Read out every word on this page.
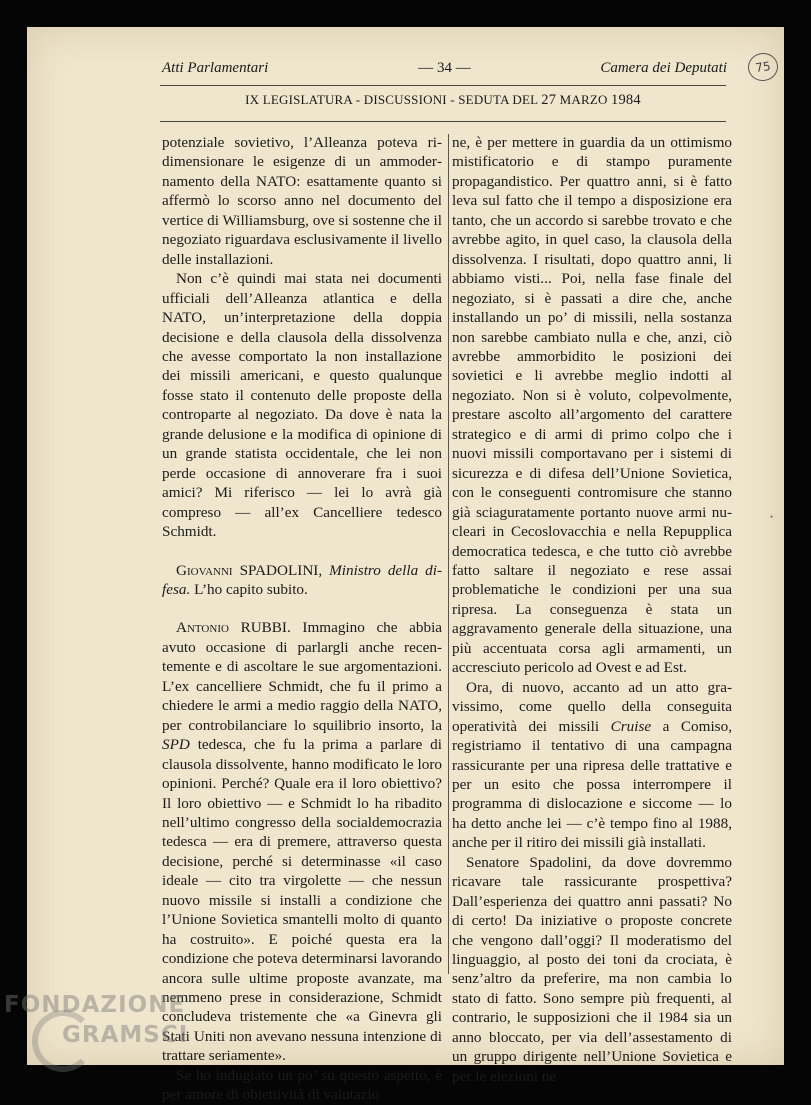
Atti Parlamentari	— 34 —	Camera dei Deputati	75
IX LEGISLATURA - DISCUSSIONI - SEDUTA DEL 27 MARZO 1984

potenziale sovietivo, l’Alleanza poteva ridimensionare le esigenze di un ammodernamento della NATO: esattamente quanto si affermò lo scorso anno nel documento del vertice di Williamsburg, ove si sostenne che il negoziato riguardava esclusivamente il livello delle installazioni.

Non c’è quindi mai stata nei documenti ufficiali dell’Alleanza atlantica e della NATO, un’interpretazione della doppia decisione e della clausola della dissolvenza che avesse comportato la non installazione dei missili americani, e questo qualunque fosse stato il contenuto delle proposte della controparte al negoziato. Da dove è nata la grande delusione e la modifica di opinione di un grande statista occidentale, che lei non perde occasione di annoverare fra i suoi amici? Mi riferisco — lei lo avrà già compreso — all’ex Cancelliere tedesco Schmidt.

Giovanni SPADOLINI, Ministro della difesa. L’ho capito subito.

Antonio RUBBI. Immagino che abbia avuto occasione di parlargli anche recentemente e di ascoltare le sue argomentazioni. L’ex cancelliere Schmidt, che fu il primo a chiedere le armi a medio raggio della NATO, per controbilanciare lo squilibrio insorto, la SPD tedesca, che fu la prima a parlare di clausola dissolvente, hanno modificato le loro opinioni. Perché? Quale era il loro obiettivo? Il loro obiettivo — e Schmidt lo ha ribadito nell’ultimo congresso della socialdemocrazia tedesca — era di premere, attraverso questa decisione, perché si determinasse «il caso ideale — cito tra virgolette — che nessun nuovo missile si installi a condizione che l’Unione Sovietica smantelli molto di quanto ha costruito». E poiché questa era la condizione che poteva determinarsi lavorando ancora sulle ultime proposte avanzate, ma nemmeno prese in considerazione, Schmidt concludeva tristemente che «a Ginevra gli Stati Uniti non avevano nessuna intenzione di trattare seriamente».

Se ho indugiato un po’ su questo aspetto, è per amore di obiettività di valutazio

ne, è per mettere in guardia da un ottimismo mistificatorio e di stampo puramente propagandistico. Per quattro anni, si è fatto leva sul fatto che il tempo a disposizione era tanto, che un accordo si sarebbe trovato e che avrebbe agito, in quel caso, la clausola della dissolvenza. I risultati, dopo quattro anni, li abbiamo visti... Poi, nella fase finale del negoziato, si è passati a dire che, anche installando un po’ di missili, nella sostanza non sarebbe cambiato nulla e che, anzi, ciò avrebbe ammorbidito le posizioni dei sovietici e li avrebbe meglio indotti al negoziato. Non si è voluto, colpevolmente, prestare ascolto all’argomento del carattere strategico e di armi di primo colpo che i nuovi missili comportavano per i sistemi di sicurezza e di difesa dell’Unione Sovietica, con le conseguenti contromisure che stanno già sciaguratamente portanto nuove armi nucleari in Cecoslovacchia e nella Repupplica democratica tedesca, e che tutto ciò avrebbe fatto saltare il negoziato e rese assai problematiche le condizioni per una sua ripresa. La conseguenza è stata un aggravamento generale della situazione, una più accentuata corsa agli armamenti, un accresciuto pericolo ad Ovest e ad Est.

Ora, di nuovo, accanto ad un atto gravissimo, come quello della conseguita operatività dei missili Cruise a Comiso, registriamo il tentativo di una campagna rassicurante per una ripresa delle trattative e per un esito che possa interrompere il programma di dislocazione e siccome — lo ha detto anche lei — c’è tempo fino al 1988, anche per il ritiro dei missili già installati.

Senatore Spadolini, da dove dovremmo ricavare tale rassicurante prospettiva? Dall’esperienza dei quattro anni passati? No di certo! Da iniziative o proposte concrete che vengono dall’oggi? Il moderatismo del linguaggio, al posto dei toni da crociata, è senz’altro da preferire, ma non cambia lo stato di fatto. Sono sempre più frequenti, al contrario, le supposizioni che il 1984 sia un anno bloccato, per via dell’assestamento di un gruppo dirigente nell’Unione Sovietica e per le elezioni ne

•
FONDAZIONE
GRAMSCI
